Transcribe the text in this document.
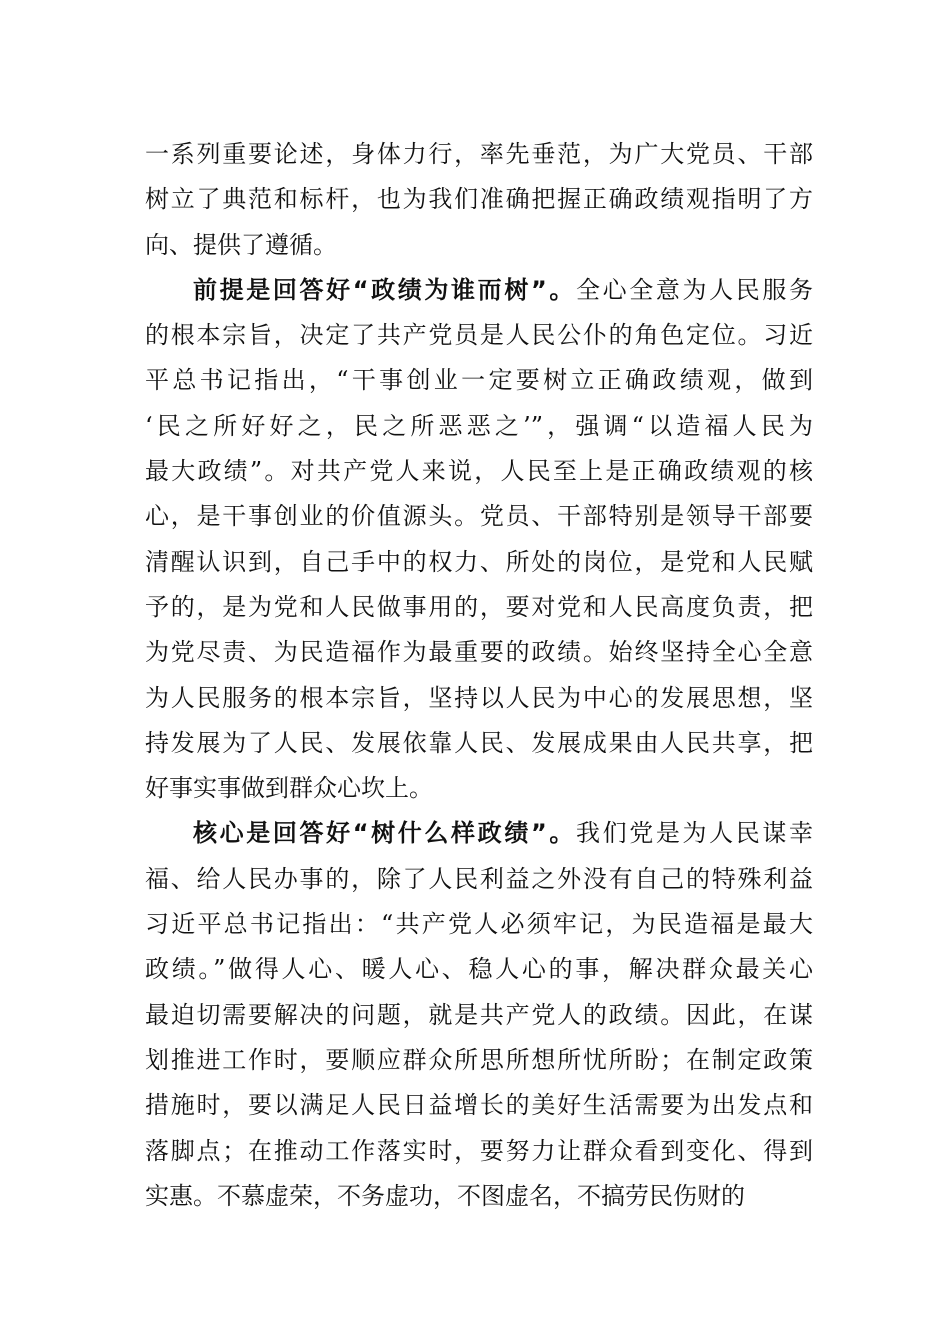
一系列重要论述，身体力行，率先垂范，为广大党员、干部
树立了典范和标杆，也为我们准确把握正确政绩观指明了方
向、提供了遵循。
前提是回答好“政绩为谁而树”。全心全意为人民服务
的根本宗旨，决定了共产党员是人民公仆的角色定位。习近
平总书记指出，“干事创业一定要树立正确政绩观，做到
‘民之所好好之，民之所恶恶之’”，强调“以造福人民为
最大政绩”。对共产党人来说，人民至上是正确政绩观的核
心，是干事创业的价值源头。党员、干部特别是领导干部要
清醒认识到，自己手中的权力、所处的岗位，是党和人民赋
予的，是为党和人民做事用的，要对党和人民高度负责，把
为党尽责、为民造福作为最重要的政绩。始终坚持全心全意
为人民服务的根本宗旨，坚持以人民为中心的发展思想，坚
持发展为了人民、发展依靠人民、发展成果由人民共享，把
好事实事做到群众心坎上。
核心是回答好“树什么样政绩”。我们党是为人民谋幸
福、给人民办事的，除了人民利益之外没有自己的特殊利益
习近平总书记指出：“共产党人必须牢记，为民造福是最大
政绩。”做得人心、暖人心、稳人心的事，解决群众最关心
最迫切需要解决的问题，就是共产党人的政绩。因此，在谋
划推进工作时，要顺应群众所思所想所忧所盼；在制定政策
措施时，要以满足人民日益增长的美好生活需要为出发点和
落脚点；在推动工作落实时，要努力让群众看到变化、得到
实惠。不慕虚荣，不务虚功，不图虚名，不搞劳民伤财的
